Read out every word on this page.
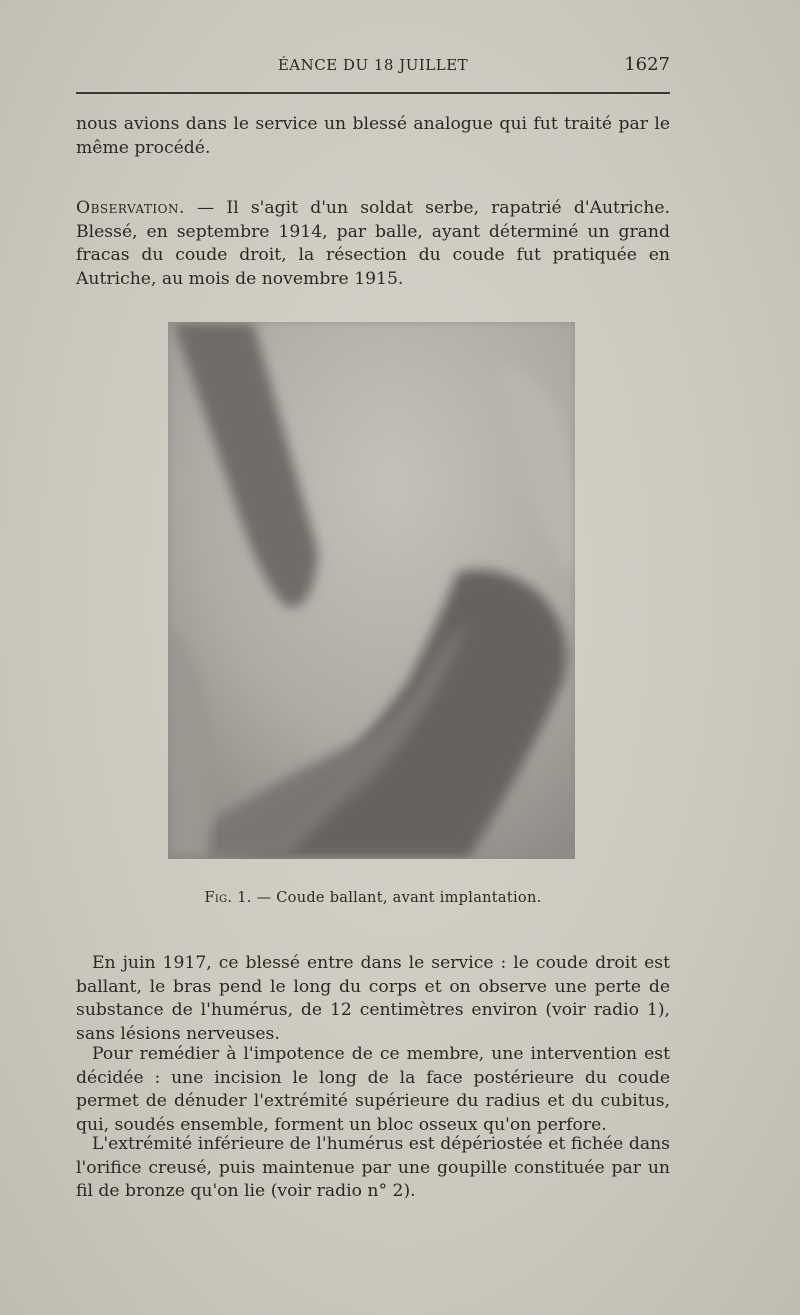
ÉANCE DU 18 JUILLET	1627

nous avions dans le service un blessé analogue qui fut traité par le même procédé.

Observation. — Il s'agit d'un soldat serbe, rapatrié d'Autriche. Blessé, en septembre 1914, par balle, ayant déterminé un grand fracas du coude droit, la résection du coude fut pratiquée en Autriche, au mois de novembre 1915.

Fig. 1. — Coude ballant, avant implantation.

En juin 1917, ce blessé entre dans le service : le coude droit est ballant, le bras pend le long du corps et on observe une perte de substance de l'humérus, de 12 centimètres environ (voir radio 1), sans lésions nerveuses.

Pour remédier à l'impotence de ce membre, une intervention est décidée : une incision le long de la face postérieure du coude permet de dénuder l'extrémité supérieure du radius et du cubitus, qui, soudés ensemble, forment un bloc osseux qu'on perfore.

L'extrémité inférieure de l'humérus est dépériostée et fichée dans l'orifice creusé, puis maintenue par une goupille constituée par un fil de bronze qu'on lie (voir radio n° 2).
